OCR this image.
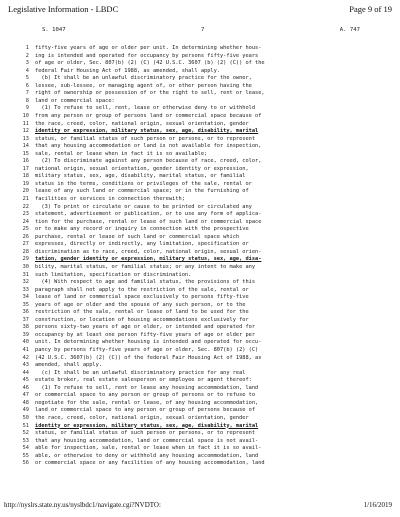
Legislative Information - LBDC	Page 9 of 19
S. 1047	7	A. 747
1 fifty-five years of age or older per unit. In determining whether hous-
2 ing is intended and operated for occupancy by persons fifty-five years
3 of age or older, Sec. 807(b) (2) (C) (42 U.S.C. 3607 (b) (2) (C)) of the
4 federal Fair Housing Act of 1988, as amended, shall apply.
5  (b) It shall be an unlawful discriminatory practice for the owner,
6 lessee, sub-lessee, or managing agent of, or other person having the
7 right of ownership or possession of or the right to sell, rent or lease,
8 land or commercial space:
9  (1) To refuse to sell, rent, lease or otherwise deny to or withhold
10 from any person or group of persons land or commercial space because of
11 the race, creed, color, national origin, sexual orientation, gender
12 identity or expression, military status, sex, age, disability, marital
13 status, or familial status of such person or persons, or to represent
14 that any housing accommodation or land is not available for inspection,
15 sale, rental or lease when in fact it is so available;
16  (2) To discriminate against any person because of race, creed, color,
17 national origin, sexual orientation, gender identity or expression,
18 military status, sex, age, disability, marital status, or familial
19 status in the terms, conditions or privileges of the sale, rental or
20 lease of any such land or commercial space; or in the furnishing of
21 facilities or services in connection therewith;
22  (3) To print or circulate or cause to be printed or circulated any
23 statement, advertisement or publication, or to use any form of applica-
24 tion for the purchase, rental or lease of such land or commercial space
25 or to make any record or inquiry in connection with the prospective
26 purchase, rental or lease of such land or commercial space which
27 expresses, directly or indirectly, any limitation, specification or
28 discrimination as to race, creed, color, national origin, sexual orien-
29 tation, gender identity or expression, military status, sex, age, disa-
30 bility, marital status, or familial status; or any intent to make any
31 such limitation, specification or discrimination.
32  (4) With respect to age and familial status, the provisions of this
33 paragraph shall not apply to the restriction of the sale, rental or
34 lease of land or commercial space exclusively to persons fifty-five
35 years of age or older and the spouse of any such person, or to the
36 restriction of the sale, rental or lease of land to be used for the
37 construction, or location of housing accommodations exclusively for
38 persons sixty-two years of age or older, or intended and operated for
39 occupancy by at least one person fifty-five years of age or older per
40 unit. In determining whether housing is intended and operated for occu-
41 pancy by persons fifty-five years of age or older, Sec. 807(b) (2) (C)
42 (42 U.S.C. 3607(b) (2) (C)) of the federal Fair Housing Act of 1988, as
43 amended, shall apply.
44  (c) It shall be an unlawful discriminatory practice for any real
45 estate broker, real estate salesperson or employee or agent thereof:
46  (1) To refuse to sell, rent or lease any housing accommodation, land
47 or commercial space to any person or group of persons or to refuse to
48 negotiate for the sale, rental or lease, of any housing accommodation,
49 land or commercial space to any person or group of persons because of
50 the race, creed, color, national origin, sexual orientation, gender
51 identity or expression, military status, sex, age, disability, marital
52 status, or familial status of such person or persons, or to represent
53 that any housing accommodation, land or commercial space is not avail-
54 able for inspection, sale, rental or lease when in fact it is so avail-
55 able, or otherwise to deny or withhold any housing accommodation, land
56 or commercial space or any facilities of any housing accommodation, land
http://nyslrs.state.ny.us/nyslbdc1/navigate.cgi?NVDTO:	1/16/2019
